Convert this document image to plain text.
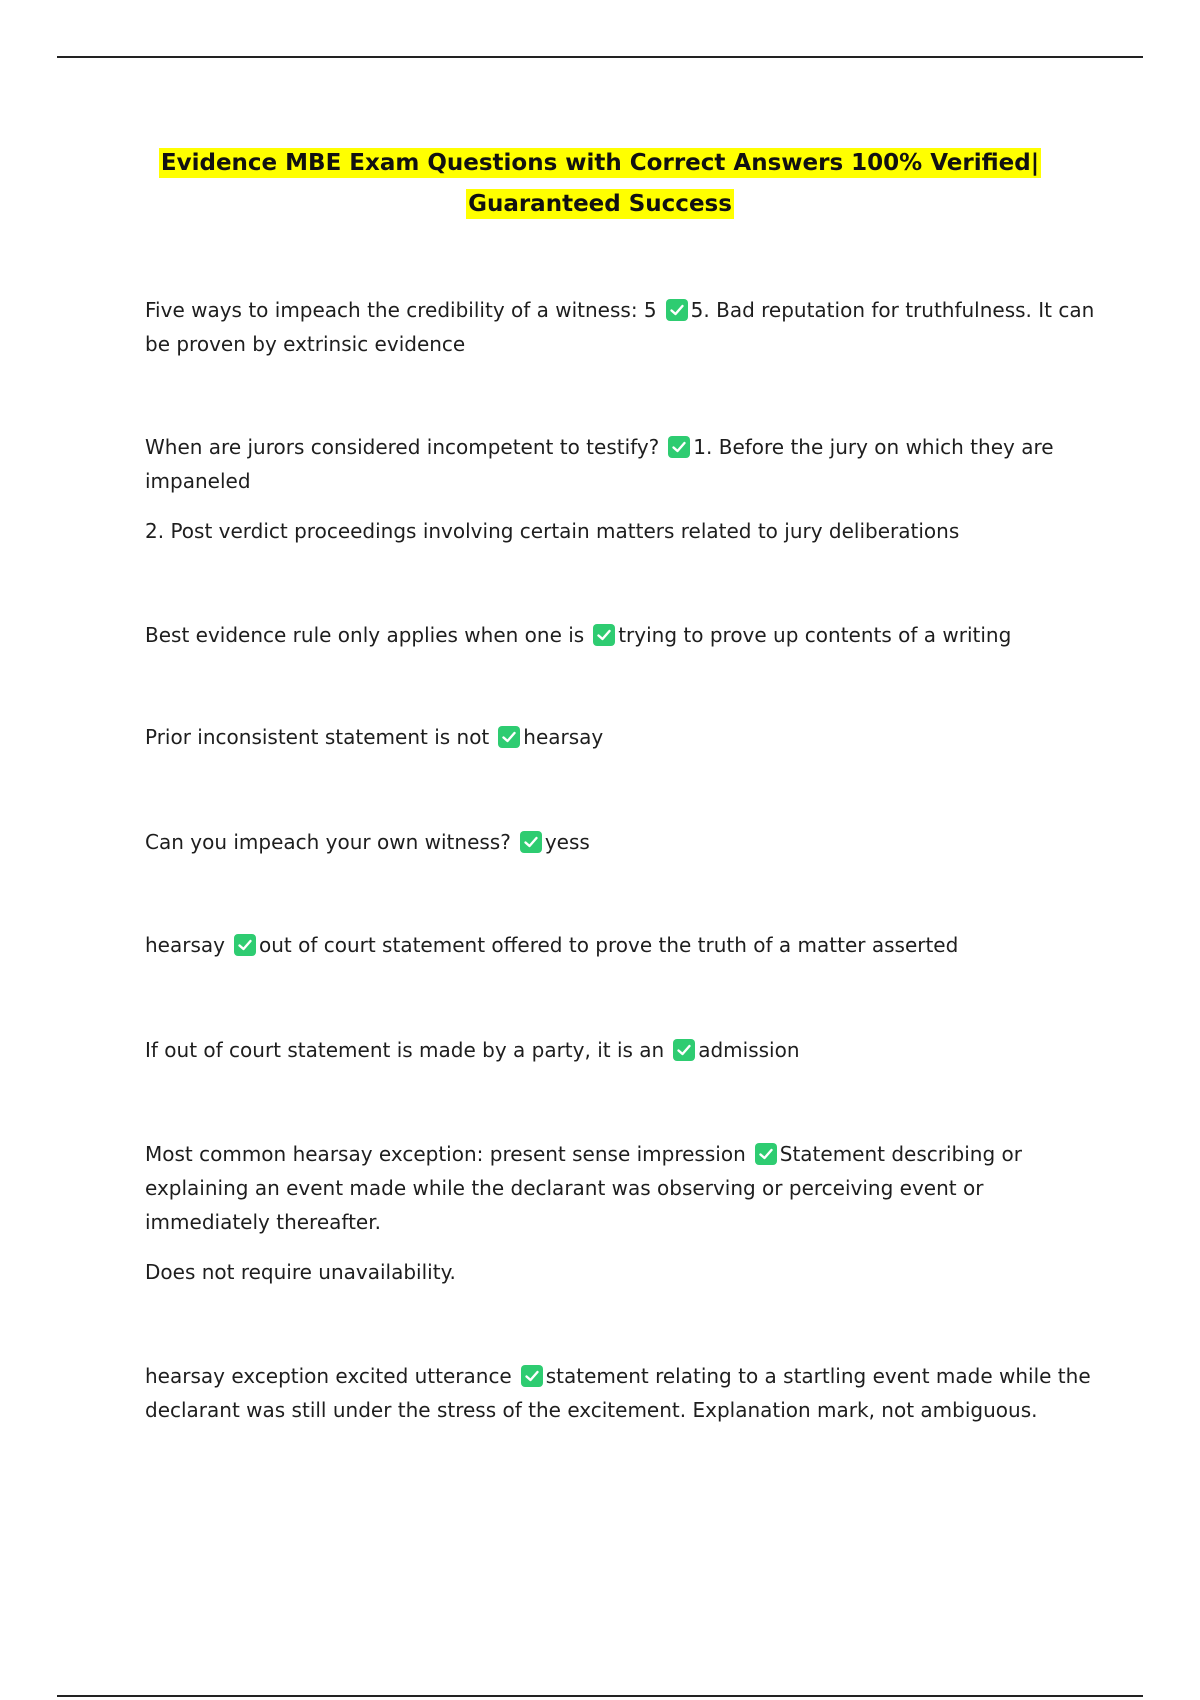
Evidence MBE Exam Questions with Correct Answers 100% Verified|
Guaranteed Success

Five ways to impeach the credibility of a witness: 5 5. Bad reputation for truthfulness. It can be proven by extrinsic evidence

When are jurors considered incompetent to testify? 1. Before the jury on which they are impaneled

2. Post verdict proceedings involving certain matters related to jury deliberations

Best evidence rule only applies when one is trying to prove up contents of a writing

Prior inconsistent statement is not hearsay

Can you impeach your own witness? yess

hearsay out of court statement offered to prove the truth of a matter asserted

If out of court statement is made by a party, it is an admission

Most common hearsay exception: present sense impression Statement describing or explaining an event made while the declarant was observing or perceiving event or immediately thereafter.

Does not require unavailability.

hearsay exception excited utterance statement relating to a startling event made while the declarant was still under the stress of the excitement. Explanation mark, not ambiguous.
